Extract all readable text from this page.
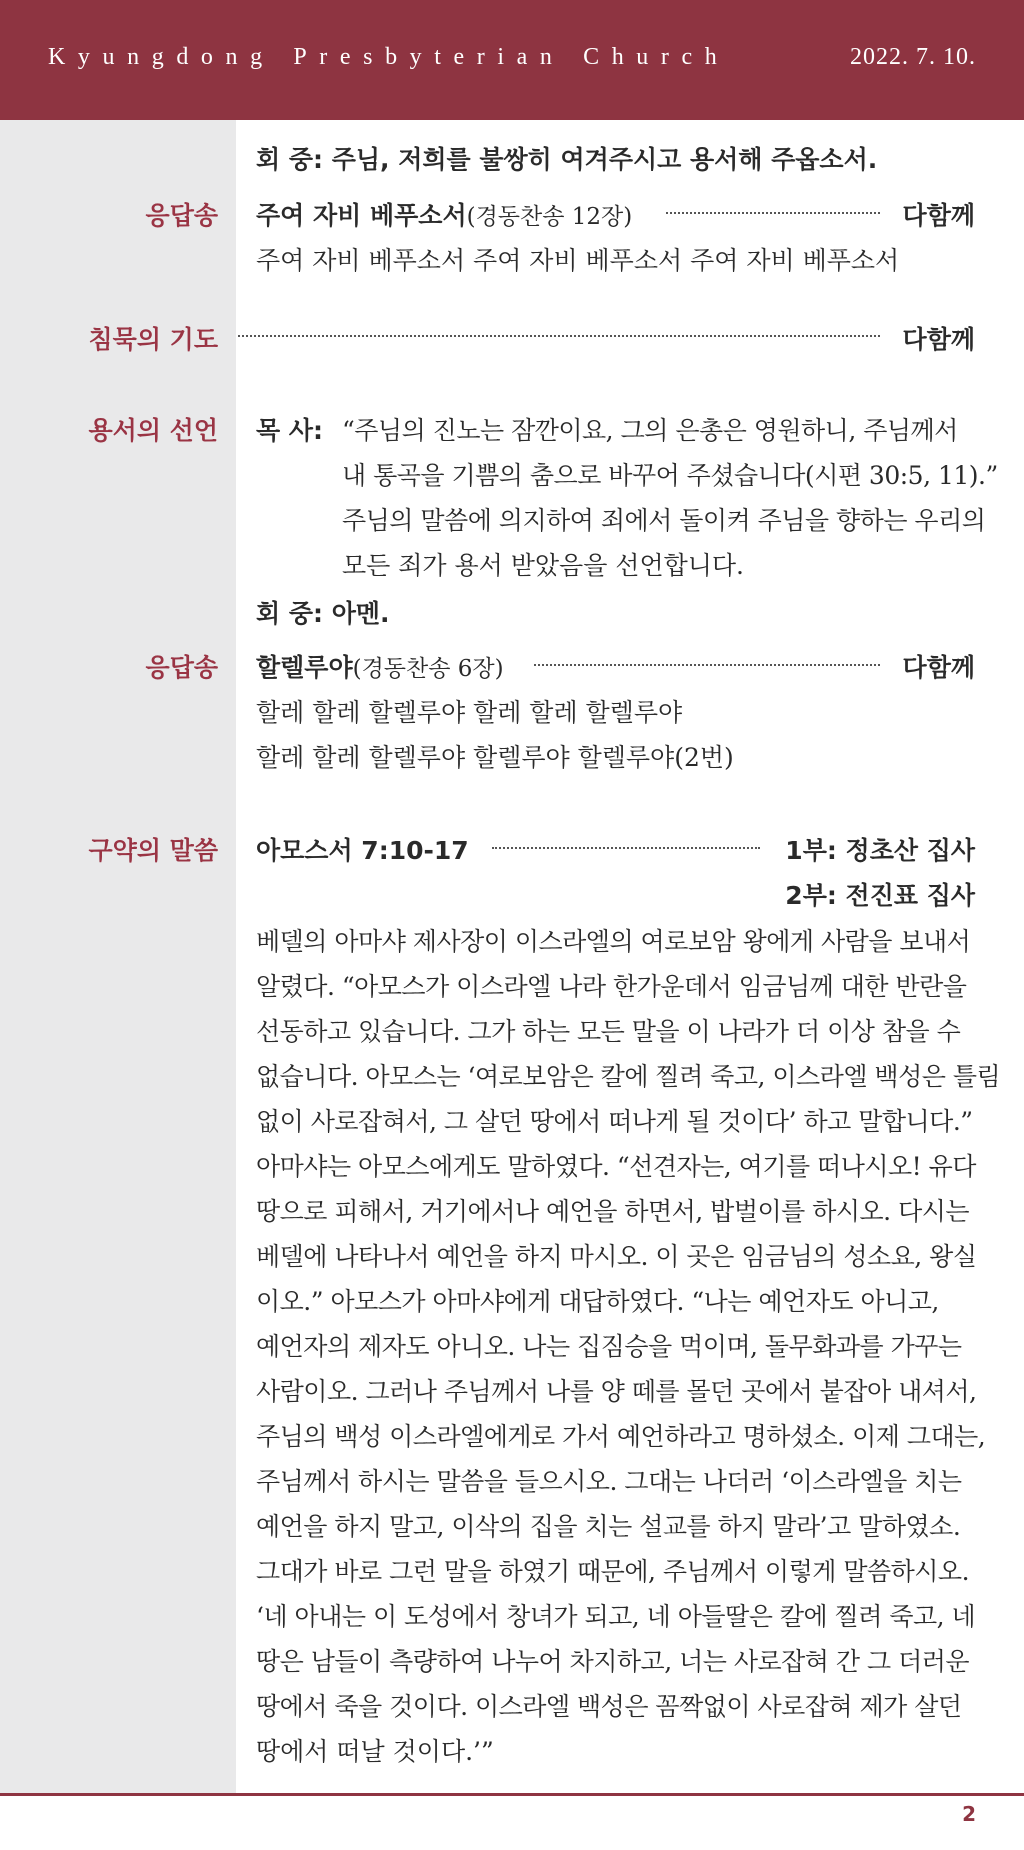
Kyungdong Presbyterian Church	2022. 7. 10.
회 중: 주님, 저희를 불쌍히 여겨주시고 용서해 주옵소서.
응답송 주여 자비 베푸소서(경동찬송 12장)	다함께
주여 자비 베푸소서 주여 자비 베푸소서 주여 자비 베푸소서
침묵의 기도	다함께
용서의 선언 목 사: “주님의 진노는 잠깐이요, 그의 은총은 영원하니, 주님께서
내 통곡을 기쁨의 춤으로 바꾸어 주셨습니다(시편 30:5, 11).”
주님의 말씀에 의지하여 죄에서 돌이켜 주님을 향하는 우리의
모든 죄가 용서 받았음을 선언합니다.
회 중: 아멘.
응답송 할렐루야(경동찬송 6장)	다함께
할레 할레 할렐루야 할레 할레 할렐루야
할레 할레 할렐루야 할렐루야 할렐루야(2번)
구약의 말씀 아모스서 7:10-17	1부: 정초산 집사
2부: 전진표 집사
베델의 아마샤 제사장이 이스라엘의 여로보암 왕에게 사람을 보내서
알렸다. “아모스가 이스라엘 나라 한가운데서 임금님께 대한 반란을
선동하고 있습니다. 그가 하는 모든 말을 이 나라가 더 이상 참을 수
없습니다. 아모스는 ‘여로보암은 칼에 찔려 죽고, 이스라엘 백성은 틀림
없이 사로잡혀서, 그 살던 땅에서 떠나게 될 것이다’ 하고 말합니다.”
아마샤는 아모스에게도 말하였다. “선견자는, 여기를 떠나시오! 유다
땅으로 피해서, 거기에서나 예언을 하면서, 밥벌이를 하시오. 다시는
베델에 나타나서 예언을 하지 마시오. 이 곳은 임금님의 성소요, 왕실
이오.” 아모스가 아마샤에게 대답하였다. “나는 예언자도 아니고,
예언자의 제자도 아니오. 나는 집짐승을 먹이며, 돌무화과를 가꾸는
사람이오. 그러나 주님께서 나를 양 떼를 몰던 곳에서 붙잡아 내셔서,
주님의 백성 이스라엘에게로 가서 예언하라고 명하셨소. 이제 그대는,
주님께서 하시는 말씀을 들으시오. 그대는 나더러 ‘이스라엘을 치는
예언을 하지 말고, 이삭의 집을 치는 설교를 하지 말라’고 말하였소.
그대가 바로 그런 말을 하였기 때문에, 주님께서 이렇게 말씀하시오.
‘네 아내는 이 도성에서 창녀가 되고, 네 아들딸은 칼에 찔려 죽고, 네
땅은 남들이 측량하여 나누어 차지하고, 너는 사로잡혀 간 그 더러운
땅에서 죽을 것이다. 이스라엘 백성은 꼼짝없이 사로잡혀 제가 살던
땅에서 떠날 것이다.’”
2
